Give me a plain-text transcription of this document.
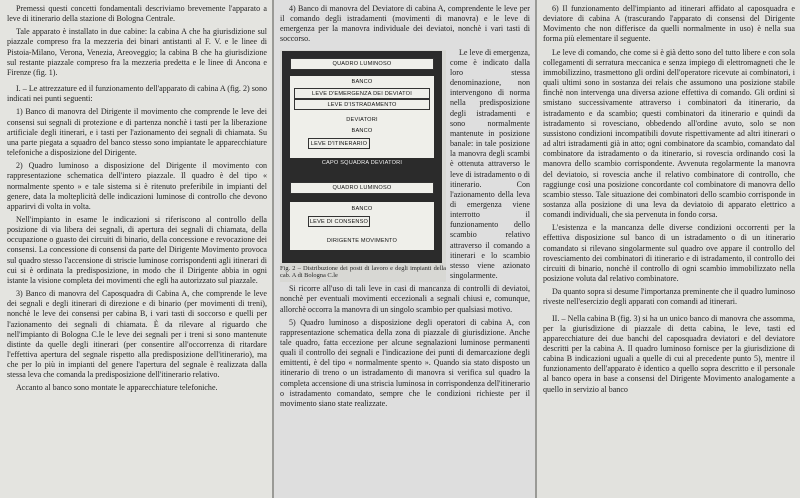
Premessi questi concetti fondamentali descriviamo brevemente l'apparato a leve di itinerario della stazione di Bologna Centrale.

Tale apparato è installato in due cabine: la cabina A che ha giurisdizione sul piazzale compreso fra la mezzeria dei binari antistanti al F. V. e le linee di Pistoia-Milano, Verona, Venezia, Areoveggio; la cabina B che ha giurisdizione sul restante piazzale compreso fra la mezzeria predetta e le linee di Ancona e Firenze (fig. 1).

I. – Le attrezzature ed il funzionamento dell'apparato di cabina A (fig. 2) sono indicati nei punti seguenti:

1) Banco di manovra del Dirigente il movimento che comprende le leve dei consensi sui segnali di protezione e di partenza nonchè i tasti per la liberazione artificiale degli itinerari, e i tasti per l'azionamento dei segnali di chiamata. Su una parte piegata a squadro del banco stesso sono impiantate le apparecchiature telefoniche a disposizione del Dirigente.

2) Quadro luminoso a disposizione del Dirigente il movimento con rappresentazione schematica dell'intero piazzale. Il quadro è del tipo « normalmente spento » e tale sistema si è ritenuto preferibile in impianti del genere, data la molteplicità delle indicazioni luminose di controllo che devono apparirvi di volta in volta.

Nell'impianto in esame le indicazioni si riferiscono al controllo della posizione di via libera dei segnali, di apertura dei segnali di chiamata, della occupazione o guasto dei circuiti di binario, della concessione e revocazione dei consensi. La concessione di consensi da parte del Dirigente Movimento provoca sul quadro stesso l'accensione di striscie luminose corrispondenti agli itinerari di cui si è ordinata la predisposizione, in modo che il Dirigente abbia in ogni istante la visione completa dei movimenti che egli ha autorizzato sul piazzale.

3) Banco di manovra del Caposquadra di Cabina A, che comprende le leve dei segnali e degli itinerari di direzione e di binario (per movimenti di treni), nonchè le leve dei consensi per cabina B, i vari tasti di soccorso e quelli per l'azionamento dei segnali di chiamata. È da rilevare al riguardo che nell'impianto di Bologna C.le le leve dei segnali per i treni si sono mantenute distinte da quelle degli itinerari (per consentire all'occorrenza di ritardare l'effettiva apertura del segnale rispetto alla predisposizione dell'itinerario), ma che per lo più in impianti del genere l'apertura del segnale è realizzata dalla stessa leva che comanda la predisposizione dell'itinerario relativo.

Accanto al banco sono montate le apparecchiature telefoniche.

4) Banco di manovra del Deviatore di cabina A, comprendente le leve per il comando degli istradamenti (movimenti di manovra) e le leve di emergenza per la manovra individuale dei deviatoi, nonchè i vari tasti di soccorso.

QUADRO LUMINOSO
BANCO
LEVE D'EMERGENZA DEI DEVIATOI
LEVE D'ISTRADAMENTO
DEVIATORI
BANCO
LEVE D'ITINERARIO
CAPO SQUADRA DEVIATORI
QUADRO LUMINOSO
BANCO
LEVE DI CONSENSO
DIRIGENTE MOVIMENTO

Fig. 2 – Distribuzione dei posti di lavoro e degli impianti della cab. A di Bologna C.le

Le leve di emergenza, come è indicato dalla loro stessa denominazione, non intervengono di norma nella predisposizione degli istradamenti e sono normalmente mantenute in posizione banale: in tale posizione la manovra degli scambi è ottenuta attraverso le leve di istradamento o di itinerario. Con l'azionamento della leva di emergenza viene interrotto il funzionamento dello scambio relativo attraverso il comando a itinerari e lo scambio stesso viene azionato singolarmente.

Si ricorre all'uso di tali leve in casi di mancanza di controlli di deviatoi, nonchè per eventuali movimenti eccezionali a segnali chiusi e, comunque, allorchè occorra la manovra di un singolo scambio per qualsiasi motivo.

5) Quadro luminoso a disposizione degli operatori di cabina A, con rappresentazione schematica della zona di piazzale di giurisdizione. Anche tale quadro, fatta eccezione per alcune segnalazioni luminose permanenti quali il controllo dei segnali e l'indicazione dei punti di demarcazione degli emittenti, è del tipo « normalmente spento ». Quando sia stato disposto un itinerario di treno o un istradamento di manovra si verifica sul quadro la completa accensione di una striscia luminosa in corrispondenza dell'itinerario o istradamento comandato, sempre che le condizioni richieste per il movimento siano state realizzate.

6) Il funzionamento dell'impianto ad itinerari affidato al caposquadra e deviatore di cabina A (trascurando l'apparato di consensi del Dirigente Movimento che non differisce da quelli normalmente in uso) è nella sua forma più elementare il seguente.

Le leve di comando, che come si è già detto sono del tutto libere e con sola collegamenti di serratura meccanica e senza impiego di elettromagneti che le immobilizzino, trasmettono gli ordini dell'operatore ricevute ai combinatori, i quali ultimi sono in sostanza dei relais che assumono una posizione stabile finchè non intervenga una diversa azione effettiva di comando. Gli ordini sì smistano successivamente attraverso i combinatori da itinerario, da istradamento e da scambio; questi combinatori da itinerario e quindi da istradamento si rovesciano, obbedendo all'ordine avuto, solo se non sussistono condizioni incompatibili dovute rispettivamente ad altri itinerari o ad altri istradamenti già in atto; ogni combinatore da scambio, comandato dal combinatore da istradamento o da itinerario, si rovescia ordinando così la manovra dello scambio corrispondente. Avvenuta regolarmente la manovra del deviatoio, si rovescia anche il relativo combinatore di controllo, che raggiunge così una posizione concordante col combinatore di manovra dello scambio stesso. Tale situazione dei combinatori dello scambio corrisponde in sostanza alla posizione di una leva da deviatoio di apparato elettrico a comandi individuali, che sia pervenuta in fondo corsa.

L'esistenza e la mancanza delle diverse condizioni occorrenti per la effettiva disposizione sul banco di un istradamento o di un itinerario comandato si rilevano singolarmente sul quadro ove appare il controllo del rovesciamento dei combinatori di itinerario e di istradamento, il controllo dei circuiti di binario, nonchè il controllo di ogni scambio immobilizzato nella posizione voluta dal relativo combinatore.

Da quanto sopra si desume l'importanza preminente che il quadro luminoso riveste nell'esercizio degli apparati con comandi ad itinerari.

II. – Nella cabina B (fig. 3) si ha un unico banco di manovra che assomma, per la giurisdizione di piazzale di detta cabina, le leve, tasti ed apparecchiature dei due banchi del caposquadra deviatori e del deviatore descritti per la cabina A. Il quadro luminoso fornisce per la giurisdizione di cabina B indicazioni uguali a quelle di cui al precedente punto 5), mentre il funzionamento dell'apparato è identico a quello sopra descritto e il personale al banco opera in base a consensi del Dirigente Movimento analogamente a quello in servizio al banco
